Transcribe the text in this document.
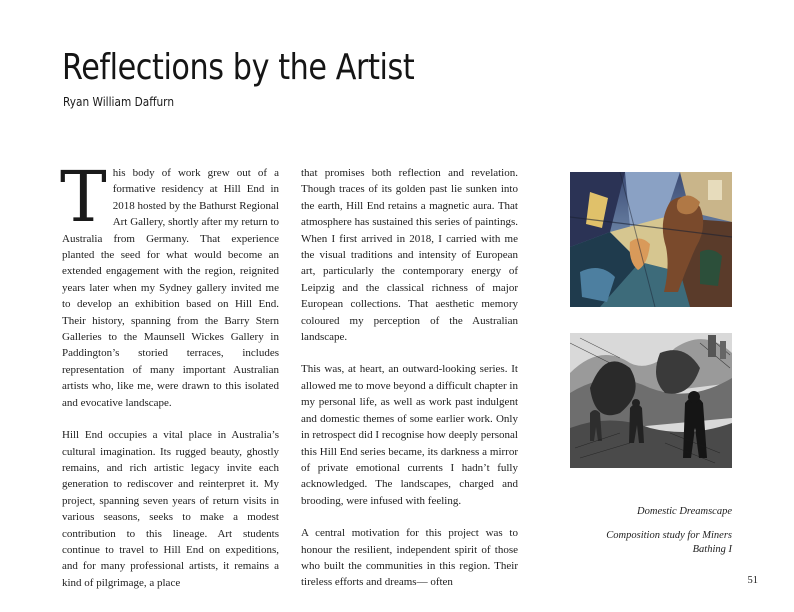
Reflections by the Artist
Ryan William Daffurn

This body of work grew out of a formative residency at Hill End in 2018 hosted by the Bathurst Regional Art Gallery, shortly after my return to Australia from Germany. That experience planted the seed for what would become an extended engagement with the region, reignited years later when my Sydney gallery invited me to develop an exhibition based on Hill End. Their history, spanning from the Barry Stern Galleries to the Maunsell Wickes Gallery in Paddington’s storied terraces, includes representation of many important Australian artists who, like me, were drawn to this isolated and evocative landscape.

Hill End occupies a vital place in Australia’s cultural imagination. Its rugged beauty, ghostly remains, and rich artistic legacy invite each generation to rediscover and reinterpret it. My project, spanning seven years of return visits in various seasons, seeks to make a modest contribution to this lineage. Art students continue to travel to Hill End on expeditions, and for many professional artists, it remains a kind of pilgrimage, a place

that promises both reflection and revelation. Though traces of its golden past lie sunken into the earth, Hill End retains a magnetic aura. That atmosphere has sustained this series of paintings. When I first arrived in 2018, I carried with me the visual traditions and intensity of European art, particularly the contemporary energy of Leipzig and the classical richness of major European collections. That aesthetic memory coloured my perception of the Australian landscape.

This was, at heart, an outward-looking series. It allowed me to move beyond a difficult chapter in my personal life, as well as work past indulgent and domestic themes of some earlier work. Only in retrospect did I recognise how deeply personal this Hill End series became, its darkness a mirror of private emotional currents I hadn’t fully acknowledged. The landscapes, charged and brooding, were infused with feeling.

A central motivation for this project was to honour the resilient, independent spirit of those who built the communities in this region. Their tireless efforts and dreams— often

Domestic Dreamscape
Composition study for Miners Bathing I
51
